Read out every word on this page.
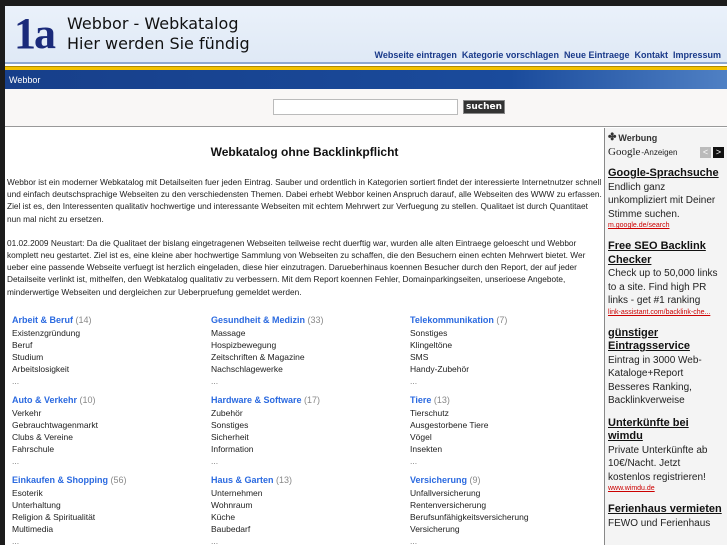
1a Webbor - Webkatalog
Hier werden Sie fündig
Webseite eintragen Kategorie vorschlagen Neue Eintraege Kontakt Impressum
Webbor
suchen
Webkatalog ohne Backlinkpflicht

Webbor ist ein moderner Webkatalog mit Detailseiten fuer jeden Eintrag. Sauber und ordentlich in Kategorien sortiert findet der interessierte Internetnutzer schnell und einfach deutschsprachige Webseiten zu den verschiedensten Themen. Dabei erhebt Webbor keinen Anspruch darauf, alle Webseiten des WWW zu erfassen. Ziel ist es, den Interessenten qualitativ hochwertige und interessante Webseiten mit echtem Mehrwert zur Verfuegung zu stellen. Qualitaet ist durch Quantitaet nun mal nicht zu ersetzen.

01.02.2009 Neustart: Da die Qualitaet der bislang eingetragenen Webseiten teilweise recht duerftig war, wurden alle alten Eintraege geloescht und Webbor komplett neu gestartet. Ziel ist es, eine kleine aber hochwertige Sammlung von Webseiten zu schaffen, die den Besuchern einen echten Mehrwert bietet. Wer ueber eine passende Webseite verfuegt ist herzlich eingeladen, diese hier einzutragen. Darueberhinaus koennen Besucher durch den Report, der auf jeder Detailseite verlinkt ist, mithelfen, den Webkatalog qualitativ zu verbessern. Mit dem Report koennen Fehler, Domainparkingseiten, unserioese Angebote, minderwertige Webseiten und dergleichen zur Ueberpruefung gemeldet werden.

Arbeit & Beruf (14)
Existenzgründung
Beruf
Studium
Arbeitslosigkeit
...
Gesundheit & Medizin (33)
Massage
Hospizbewegung
Zeitschriften & Magazine
Nachschlagewerke
...
Telekommunikation (7)
Sonstiges
Klingeltöne
SMS
Handy-Zubehör
...
Auto & Verkehr (10)
Verkehr
Gebrauchtwagenmarkt
Clubs & Vereine
Fahrschule
...
Hardware & Software (17)
Zubehör
Sonstiges
Sicherheit
Information
...
Tiere (13)
Tierschutz
Ausgestorbene Tiere
Vögel
Insekten
...
Einkaufen & Shopping (56)
Esoterik
Unterhaltung
Religion & Spiritualität
Multimedia
...
Haus & Garten (13)
Unternehmen
Wohnraum
Küche
Baubedarf
...
Versicherung (9)
Unfallversicherung
Rentenversicherung
Berufsunfähigkeitsversicherung
Versicherung
...
✤ Werbung
Google -Anzeigen	< >
Google-Sprachsuche
Endlich ganz unkompliziert mit Deiner Stimme suchen.
m.google.de/search
Free SEO Backlink Checker
Check up to 50,000 links to a site. Find high PR links - get #1 ranking
link-assistant.com/backlink-che...
günstiger Eintragsservice
Eintrag in 3000 Web-Kataloge+Report Besseres Ranking, Backlinkverweise
Unterkünfte bei wimdu
Private Unterkünfte ab 10€/Nacht. Jetzt kostenlos registrieren!
www.wimdu.de
Ferienhaus vermieten
FEWO und Ferienhaus
